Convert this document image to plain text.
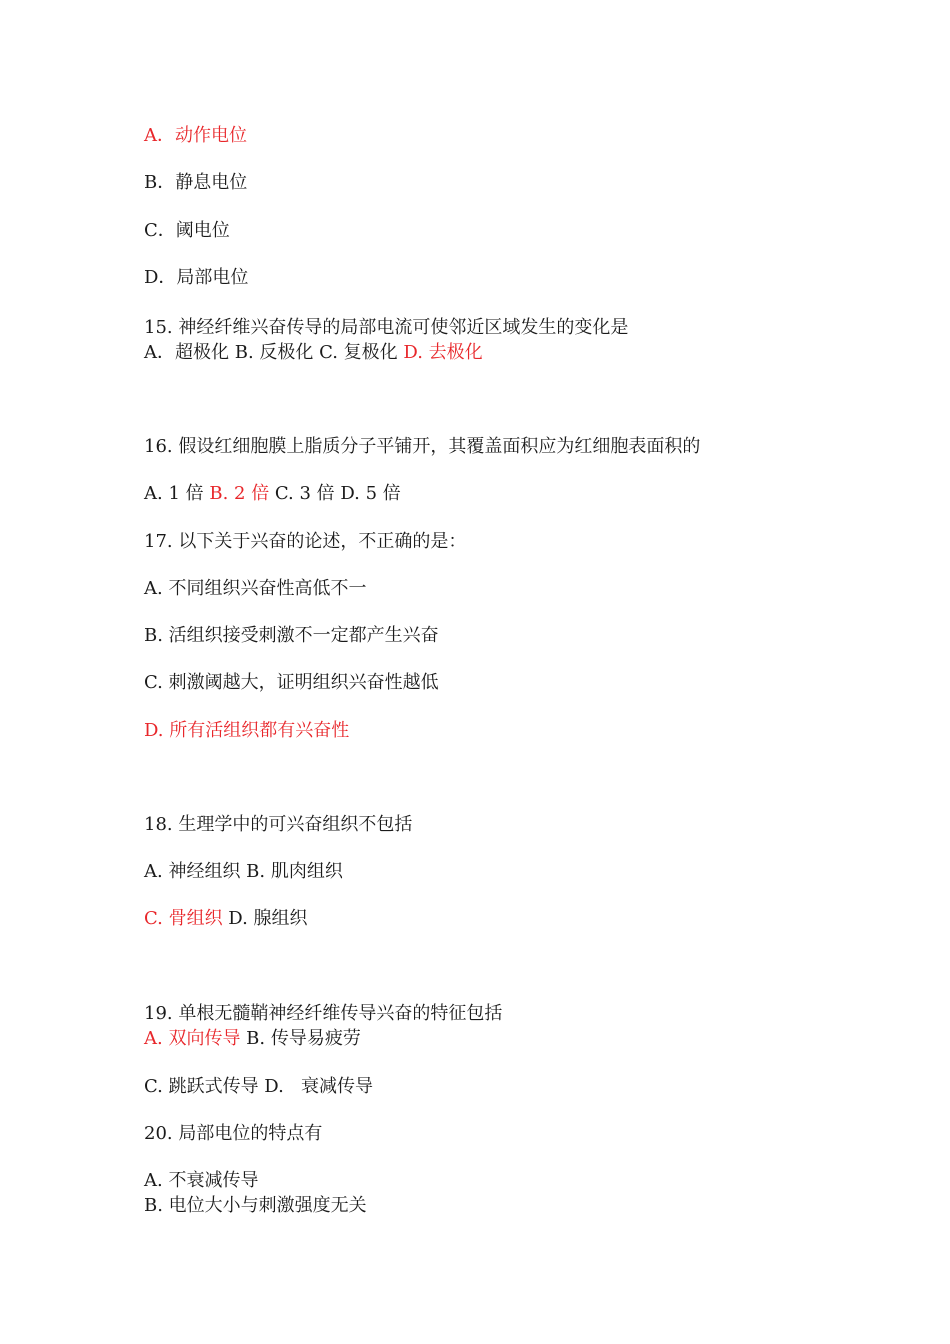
A．动作电位
B．静息电位
C．阈电位
D．局部电位
15. 神经纤维兴奋传导的局部电流可使邻近区域发生的变化是
A．超极化 B. 反极化 C. 复极化 D. 去极化
16. 假设红细胞膜上脂质分子平铺开，其覆盖面积应为红细胞表面积的
A. 1 倍 B. 2 倍 C. 3 倍 D. 5 倍
17. 以下关于兴奋的论述，不正确的是：
A. 不同组织兴奋性高低不一
B. 活组织接受刺激不一定都产生兴奋
C. 刺激阈越大，证明组织兴奋性越低
D. 所有活组织都有兴奋性
18. 生理学中的可兴奋组织不包括
A. 神经组织 B. 肌肉组织
C. 骨组织 D. 腺组织
19. 单根无髓鞘神经纤维传导兴奋的特征包括
A. 双向传导 B. 传导易疲劳
C. 跳跃式传导 D.   衰减传导
20. 局部电位的特点有
A. 不衰减传导
B. 电位大小与刺激强度无关
